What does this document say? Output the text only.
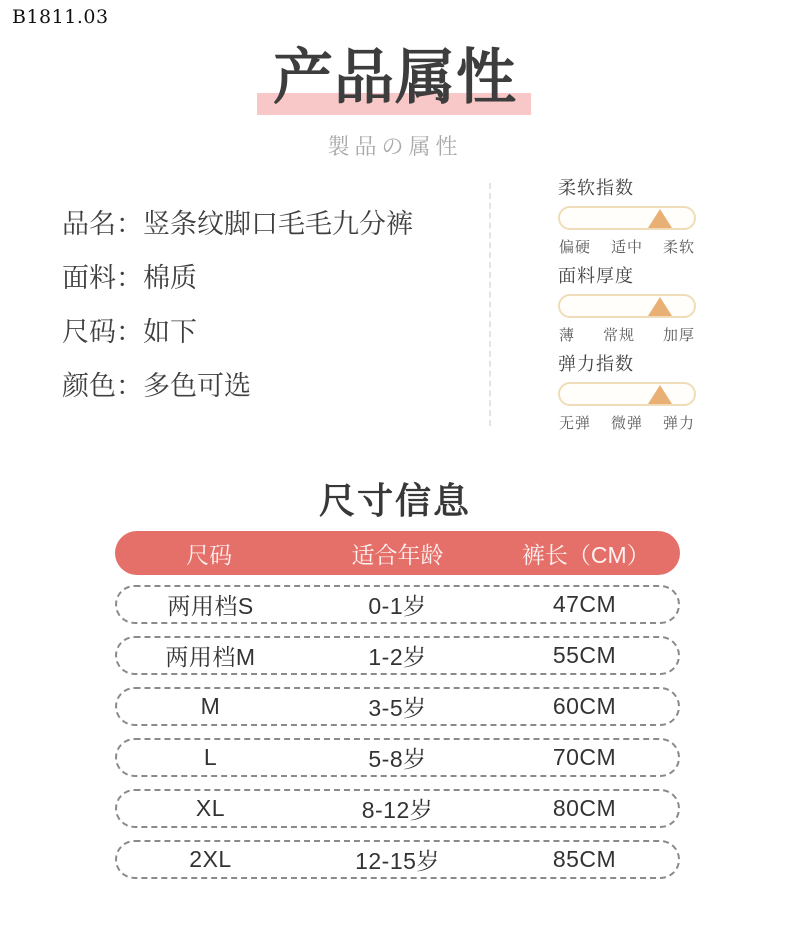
B1811.03
产品属性
製品の属性
品名：竖条纹脚口毛毛九分裤
面料：棉质
尺码：如下
颜色：多色可选
柔软指数
偏硬 适中 柔软
面料厚度
薄 常规 加厚
弹力指数
无弹 微弹 弹力
尺寸信息
尺码	适合年龄	裤长（CM）
两用档S	0-1岁	47CM
两用档M	1-2岁	55CM
M	3-5岁	60CM
L	5-8岁	70CM
XL	8-12岁	80CM
2XL	12-15岁	85CM
